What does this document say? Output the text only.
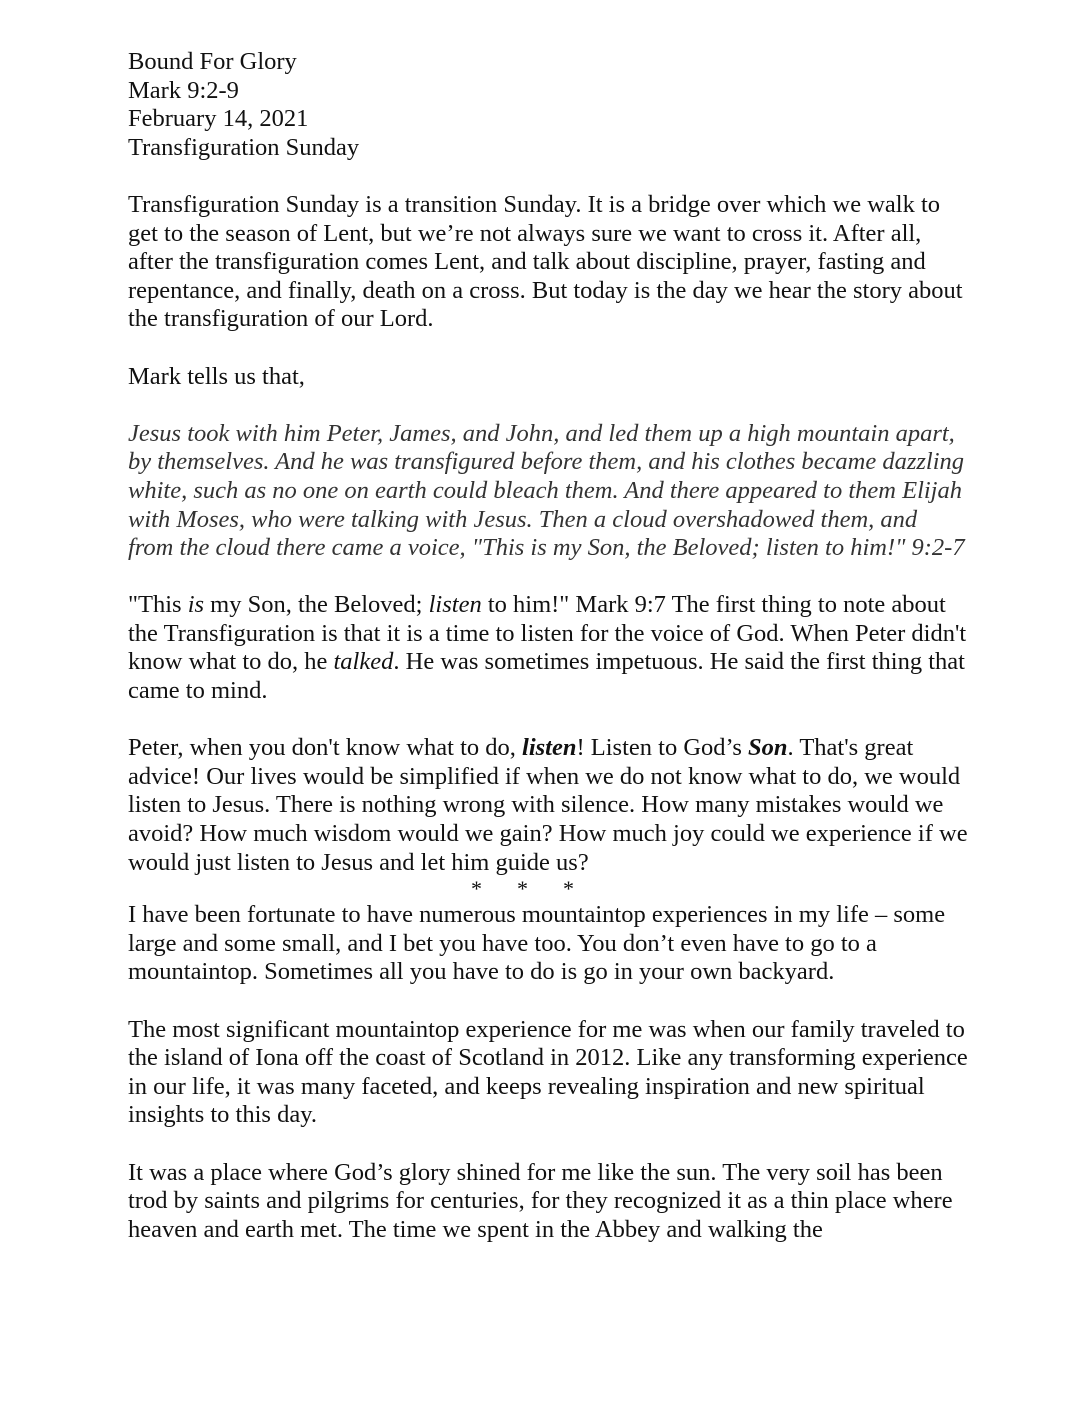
Bound For Glory

Mark 9:2-9

February 14, 2021

Transfiguration Sunday

Transfiguration Sunday is a transition Sunday. It is a bridge over which we walk to get to the season of Lent, but we’re not always sure we want to cross it. After all, after the transfiguration comes Lent, and talk about discipline, prayer, fasting and repentance, and finally, death on a cross. But today is the day we hear the story about the transfiguration of our Lord.

Mark tells us that,

Jesus took with him Peter, James, and John, and led them up a high mountain apart, by themselves. And he was transfigured before them, and his clothes became dazzling white, such as no one on earth could bleach them. And there appeared to them Elijah with Moses, who were talking with Jesus. Then a cloud overshadowed them, and from the cloud there came a voice, "This is my Son, the Beloved; listen to him!" 9:2-7

"This is my Son, the Beloved; listen to him!" Mark 9:7 The first thing to note about the Transfiguration is that it is a time to listen for the voice of God. When Peter didn't know what to do, he talked. He was sometimes impetuous. He said the first thing that came to mind.

Peter, when you don't know what to do, listen! Listen to God’s Son. That's great advice! Our lives would be simplified if when we do not know what to do, we would listen to Jesus. There is nothing wrong with silence. How many mistakes would we avoid? How much wisdom would we gain? How much joy could we experience if we would just listen to Jesus and let him guide us?

* * *

I have been fortunate to have numerous mountaintop experiences in my life – some large and some small, and I bet you have too. You don’t even have to go to a mountaintop. Sometimes all you have to do is go in your own backyard.

The most significant mountaintop experience for me was when our family traveled to the island of Iona off the coast of Scotland in 2012. Like any transforming experience in our life, it was many faceted, and keeps revealing inspiration and new spiritual insights to this day.

It was a place where God’s glory shined for me like the sun. The very soil has been trod by saints and pilgrims for centuries, for they recognized it as a thin place where heaven and earth met. The time we spent in the Abbey and walking the
